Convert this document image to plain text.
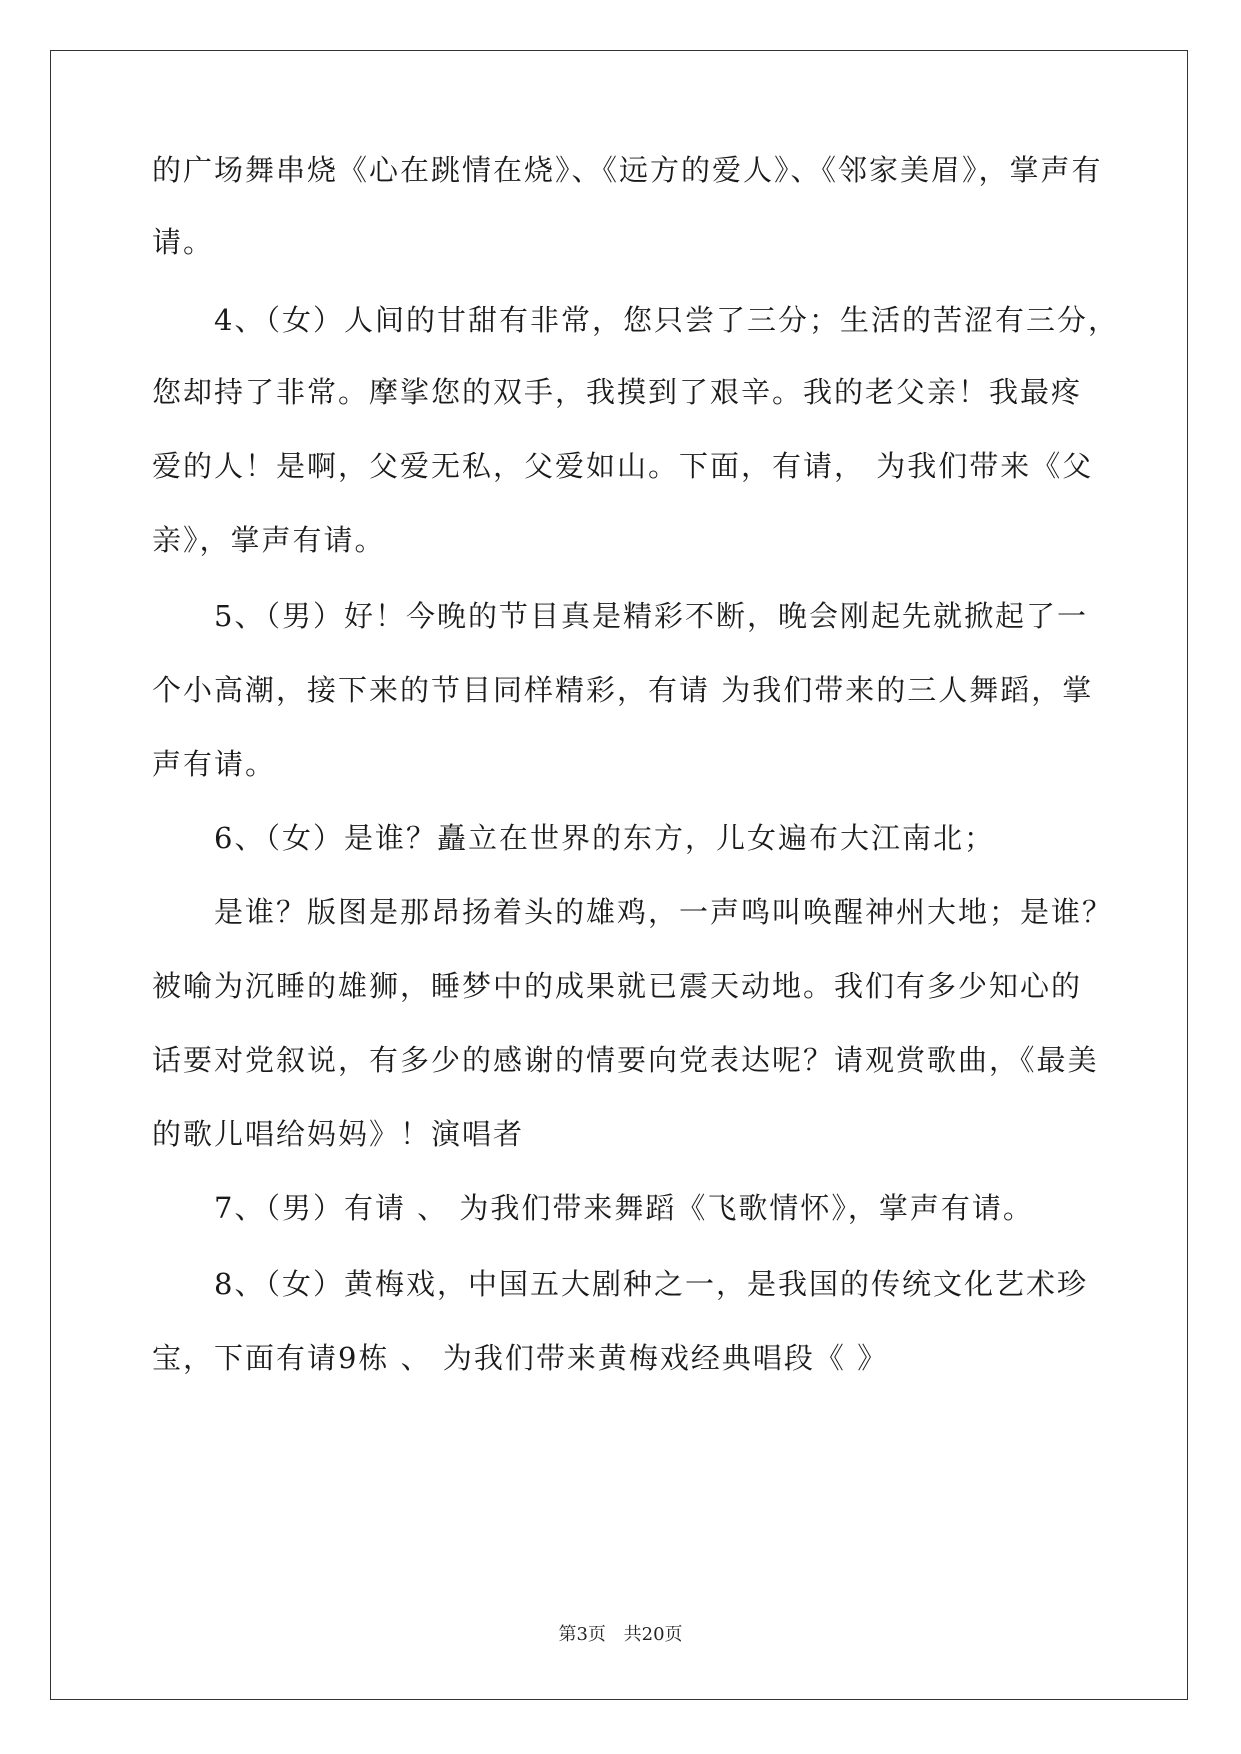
的广场舞串烧《心在跳情在烧》、《远方的爱人》、《邻家美眉》，掌声有
请。
4、（女）人间的甘甜有非常，您只尝了三分；生活的苦涩有三分，
您却持了非常。摩挲您的双手，我摸到了艰辛。我的老父亲！我最疼
爱的人！是啊，父爱无私，父爱如山。下面，有请， 为我们带来《父
亲》，掌声有请。
5、（男）好！今晚的节目真是精彩不断，晚会刚起先就掀起了一
个小高潮，接下来的节目同样精彩，有请 为我们带来的三人舞蹈，掌
声有请。
6、（女）是谁？矗立在世界的东方，儿女遍布大江南北；
是谁？版图是那昂扬着头的雄鸡，一声鸣叫唤醒神州大地；是谁？
被喻为沉睡的雄狮，睡梦中的成果就已震天动地。我们有多少知心的
话要对党叙说，有多少的感谢的情要向党表达呢？请观赏歌曲，《最美
的歌儿唱给妈妈》！演唱者
7、（男）有请 、 为我们带来舞蹈《飞歌情怀》，掌声有请。
8、（女）黄梅戏，中国五大剧种之一，是我国的传统文化艺术珍
宝，下面有请9栋 、 为我们带来黄梅戏经典唱段《 》
第3页 共20页
